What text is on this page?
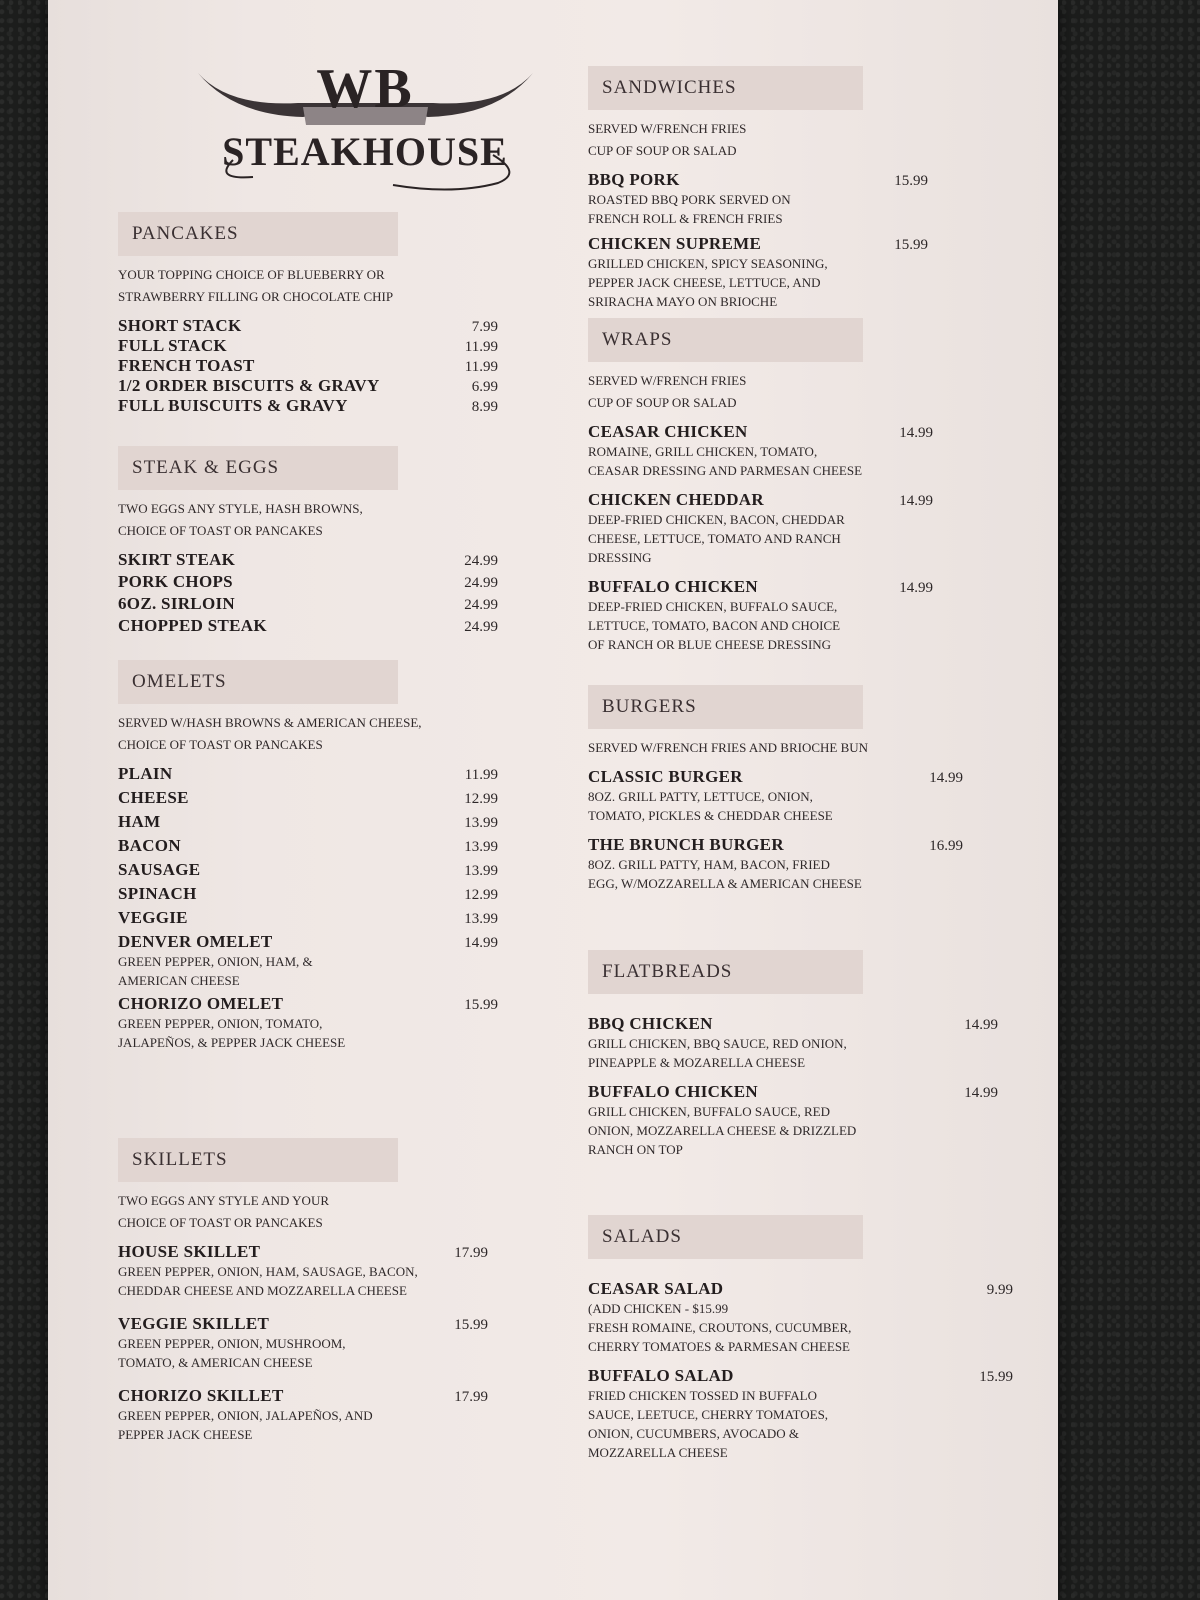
WB
STEAKHOUSE
PANCAKES
YOUR TOPPING CHOICE OF BLUEBERRY OR
STRAWBERRY FILLING OR CHOCOLATE CHIP
SHORT STACK	7.99
FULL STACK	11.99
FRENCH TOAST	11.99
1/2 ORDER BISCUITS & GRAVY	6.99
FULL BUISCUITS & GRAVY	8.99
STEAK & EGGS
TWO EGGS ANY STYLE, HASH BROWNS,
CHOICE OF TOAST OR PANCAKES
SKIRT STEAK	24.99
PORK CHOPS	24.99
6OZ. SIRLOIN	24.99
CHOPPED STEAK	24.99
OMELETS
SERVED W/HASH BROWNS & AMERICAN CHEESE,
CHOICE OF TOAST OR PANCAKES
PLAIN	11.99
CHEESE	12.99
HAM	13.99
BACON	13.99
SAUSAGE	13.99
SPINACH	12.99
VEGGIE	13.99
DENVER OMELET	14.99
GREEN PEPPER, ONION, HAM, &
AMERICAN CHEESE
CHORIZO OMELET	15.99
GREEN PEPPER, ONION, TOMATO,
JALAPEÑOS, & PEPPER JACK CHEESE
SKILLETS
TWO EGGS ANY STYLE AND YOUR
CHOICE OF TOAST OR PANCAKES
HOUSE SKILLET	17.99
GREEN PEPPER, ONION, HAM, SAUSAGE, BACON,
CHEDDAR CHEESE AND MOZZARELLA CHEESE
VEGGIE SKILLET	15.99
GREEN PEPPER, ONION, MUSHROOM,
TOMATO, & AMERICAN CHEESE
CHORIZO SKILLET	17.99
GREEN PEPPER, ONION, JALAPEÑOS, AND
PEPPER JACK CHEESE
SANDWICHES
SERVED W/FRENCH FRIES
CUP OF SOUP OR SALAD
BBQ PORK	15.99
ROASTED BBQ PORK SERVED ON
FRENCH ROLL & FRENCH FRIES
CHICKEN SUPREME	15.99
GRILLED CHICKEN, SPICY SEASONING,
PEPPER JACK CHEESE, LETTUCE, AND
SRIRACHA MAYO ON BRIOCHE
WRAPS
SERVED W/FRENCH FRIES
CUP OF SOUP OR SALAD
CEASAR CHICKEN	14.99
ROMAINE, GRILL CHICKEN, TOMATO,
CEASAR DRESSING AND PARMESAN CHEESE
CHICKEN CHEDDAR	14.99
DEEP-FRIED CHICKEN, BACON, CHEDDAR
CHEESE, LETTUCE, TOMATO AND RANCH
DRESSING
BUFFALO CHICKEN	14.99
DEEP-FRIED CHICKEN, BUFFALO SAUCE,
LETTUCE, TOMATO, BACON AND CHOICE
OF RANCH OR BLUE CHEESE DRESSING
BURGERS
SERVED W/FRENCH FRIES AND BRIOCHE BUN
CLASSIC BURGER	14.99
8OZ. GRILL PATTY, LETTUCE, ONION,
TOMATO, PICKLES & CHEDDAR CHEESE
THE BRUNCH BURGER	16.99
8OZ. GRILL PATTY, HAM, BACON, FRIED
EGG, W/MOZZARELLA & AMERICAN CHEESE
FLATBREADS
BBQ CHICKEN	14.99
GRILL CHICKEN, BBQ SAUCE, RED ONION,
PINEAPPLE & MOZARELLA CHEESE
BUFFALO CHICKEN	14.99
GRILL CHICKEN, BUFFALO SAUCE, RED
ONION, MOZZARELLA CHEESE & DRIZZLED
RANCH ON TOP
SALADS
CEASAR SALAD	9.99
(ADD CHICKEN - $15.99
FRESH ROMAINE, CROUTONS, CUCUMBER,
CHERRY TOMATOES & PARMESAN CHEESE
BUFFALO SALAD	15.99
FRIED CHICKEN TOSSED IN BUFFALO
SAUCE, LEETUCE, CHERRY TOMATOES,
ONION, CUCUMBERS, AVOCADO &
MOZZARELLA CHEESE
